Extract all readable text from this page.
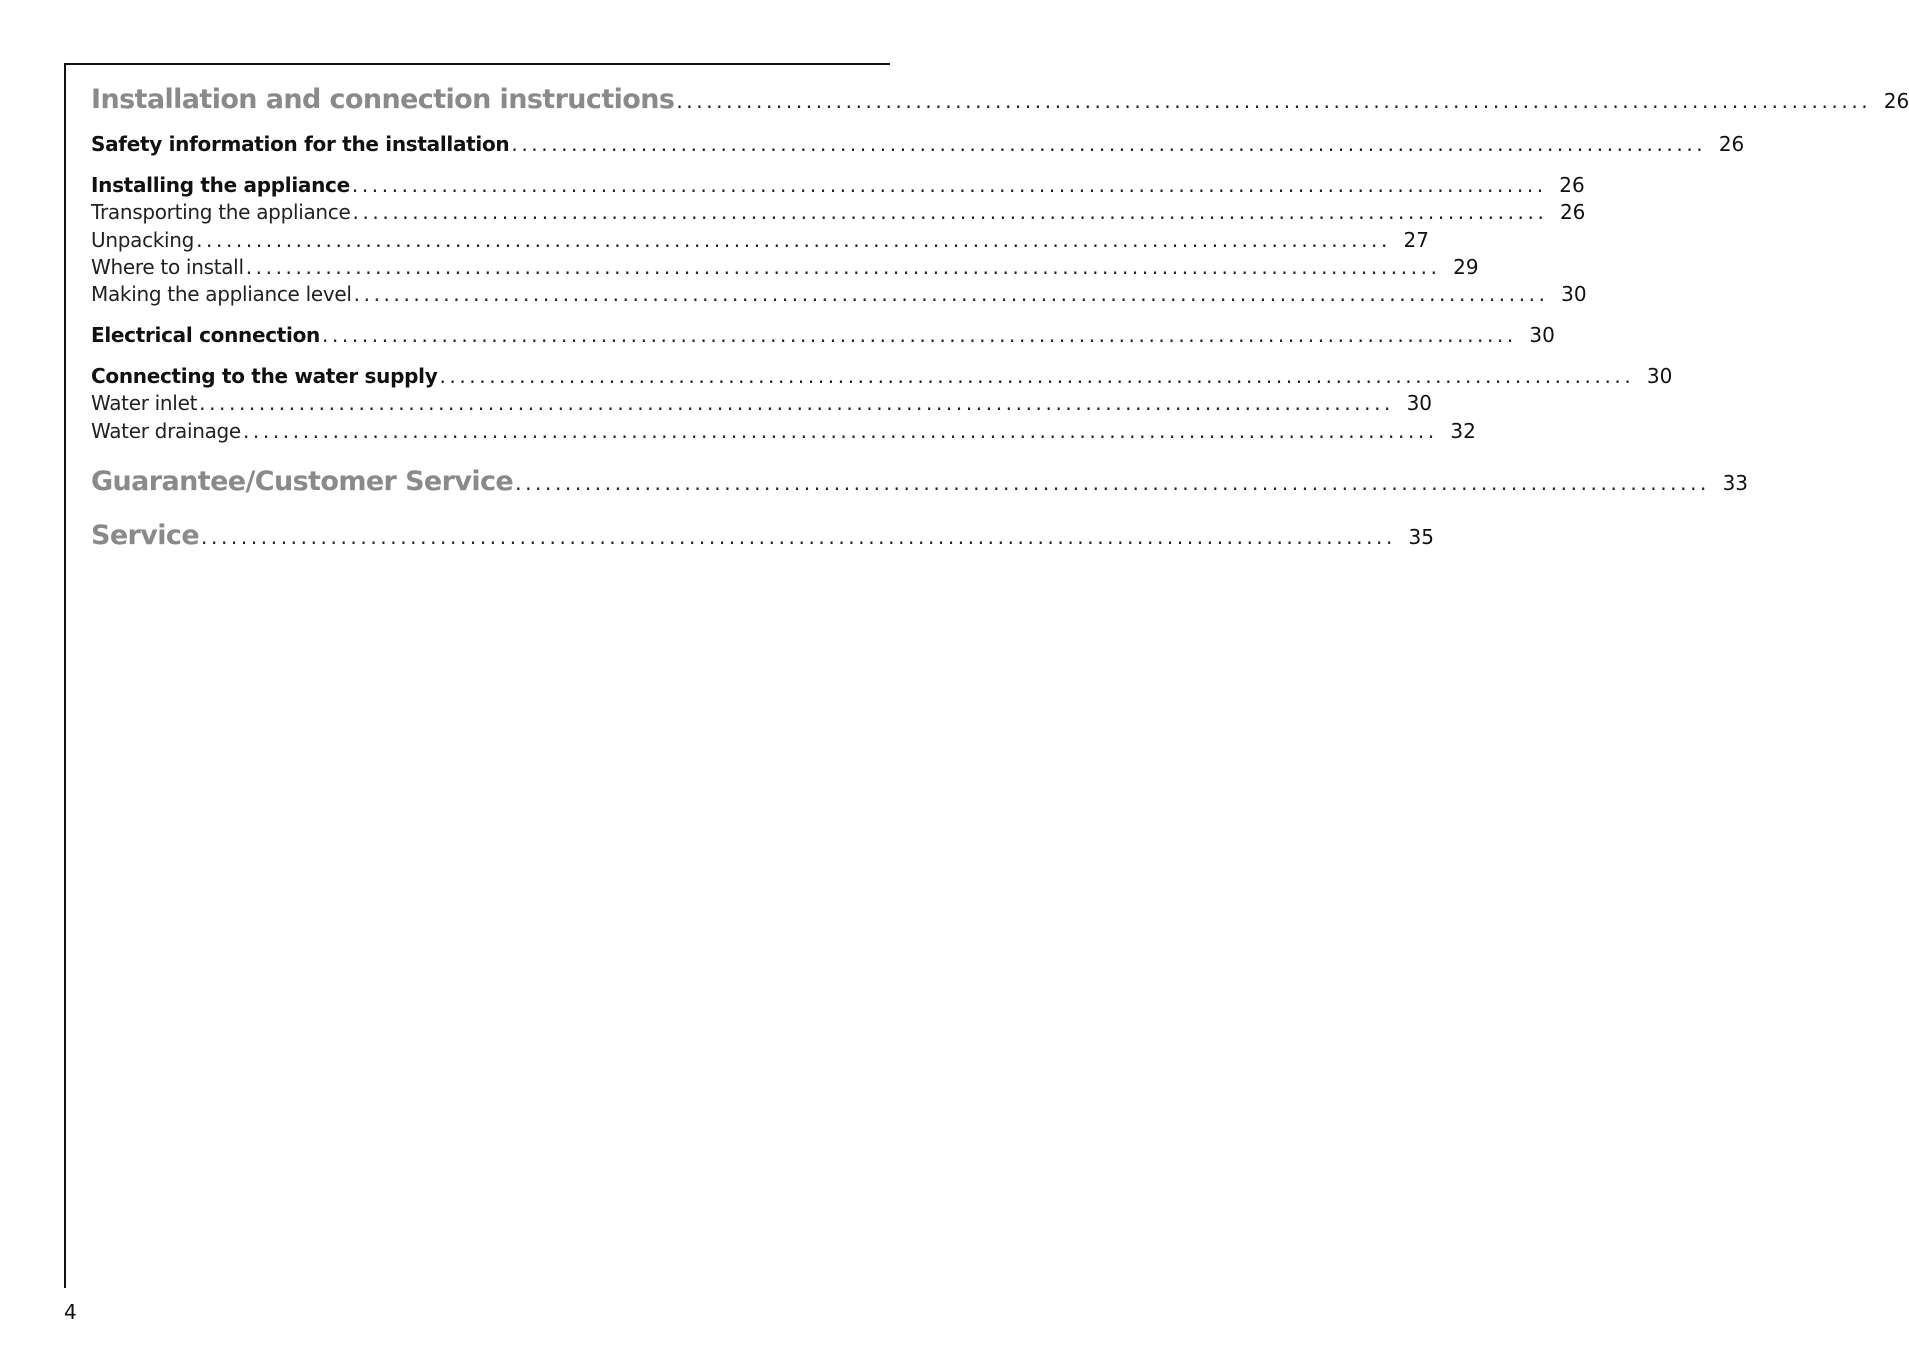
Installation and connection instructions ........................................................................................................................ 26
Safety information for the installation ........................................................................................................................ 26
Installing the appliance ........................................................................................................................ 26
Transporting the appliance ........................................................................................................................ 26
Unpacking ........................................................................................................................ 27
Where to install ........................................................................................................................ 29
Making the appliance level ........................................................................................................................ 30
Electrical connection ........................................................................................................................ 30
Connecting to the water supply ........................................................................................................................ 30
Water inlet ........................................................................................................................ 30
Water drainage ........................................................................................................................ 32
Guarantee/Customer Service ........................................................................................................................ 33
Service ........................................................................................................................ 35
4
